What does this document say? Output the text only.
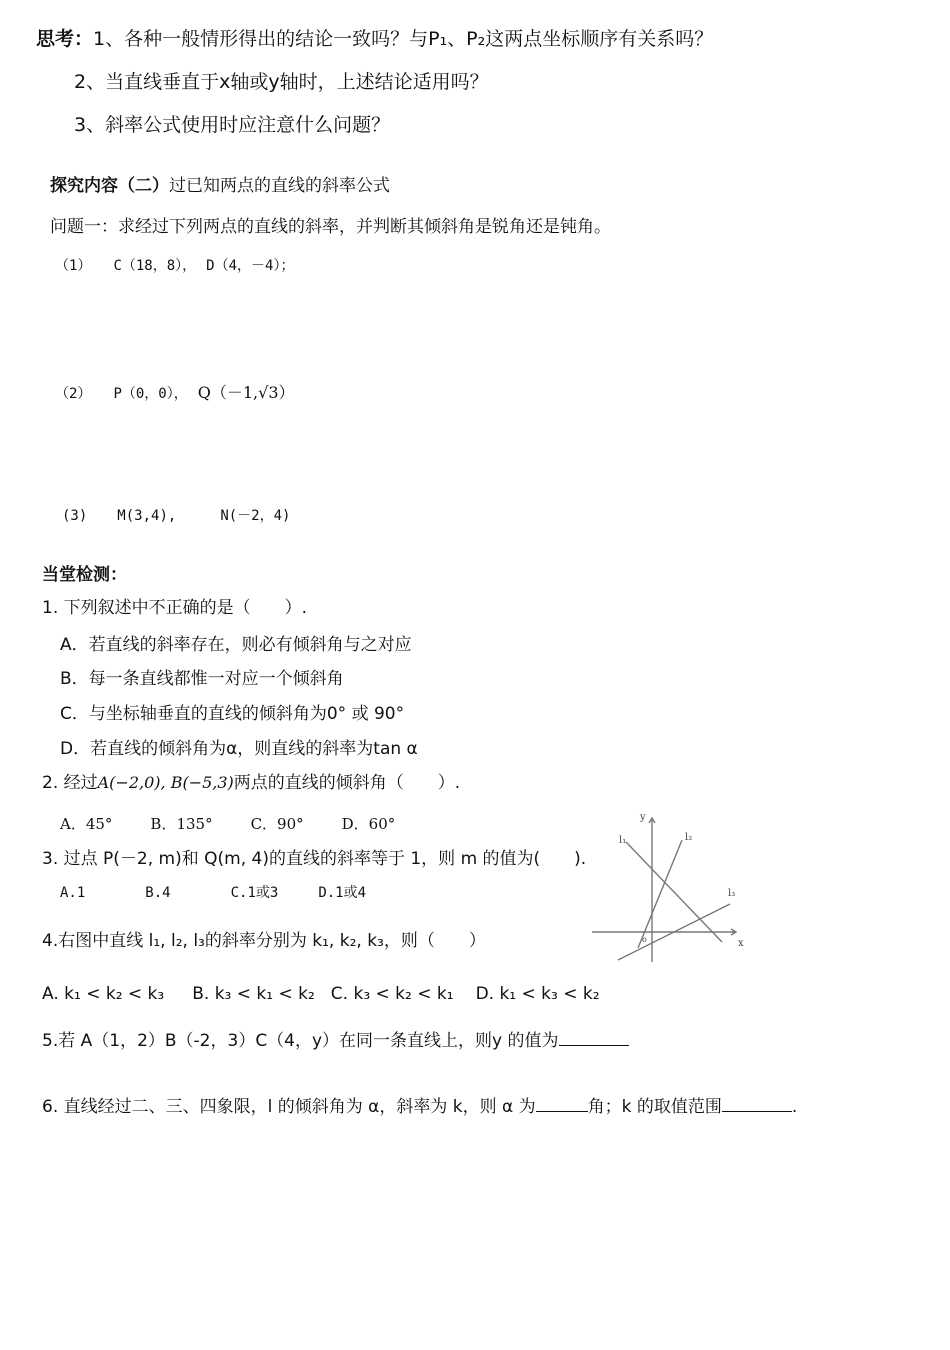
思考：1、各种一般情形得出的结论一致吗？与P₁、P₂这两点坐标顺序有关系吗？
2、当直线垂直于x轴或y轴时，上述结论适用吗？
3、斜率公式使用时应注意什么问题？
探究内容（二）过已知两点的直线的斜率公式
问题一：求经过下列两点的直线的斜率，并判断其倾斜角是锐角还是钝角。
（1） C（18，8）， D（4，－4）；
（2） P（0，0）， Q（－1,√3）
(3) M(3,4),	N(－2，4)
当堂检测：
1. 下列叙述中不正确的是（　　）.
A．若直线的斜率存在，则必有倾斜角与之对应
B．每一条直线都惟一对应一个倾斜角
C．与坐标轴垂直的直线的倾斜角为0° 或 90°
D．若直线的倾斜角为α，则直线的斜率为tan α
2. 经过A(−2,0), B(−5,3)两点的直线的倾斜角（　　）.
A．45°	B．135°	C．90°	D．60°
3. 过点 P(－2, m)和 Q(m, 4)的直线的斜率等于 1，则 m 的值为(　　).
A.1	B.4	C.1或3	D.1或4
4.右图中直线 l₁, l₂, l₃的斜率分别为 k₁, k₂, k₃，则（　　）
A. k₁ < k₂ < k₃ B. k₃ < k₁ < k₂ C. k₃ < k₂ < k₁ D. k₁ < k₃ < k₂
5.若 A（1，2）B（-2，3）C（4，y）在同一条直线上，则y 的值为
6. 直线经过二、三、四象限，l 的倾斜角为 α，斜率为 k，则 α 为	角；k 的取值范围	.
y
x
o
l₁	l₂
l₃
